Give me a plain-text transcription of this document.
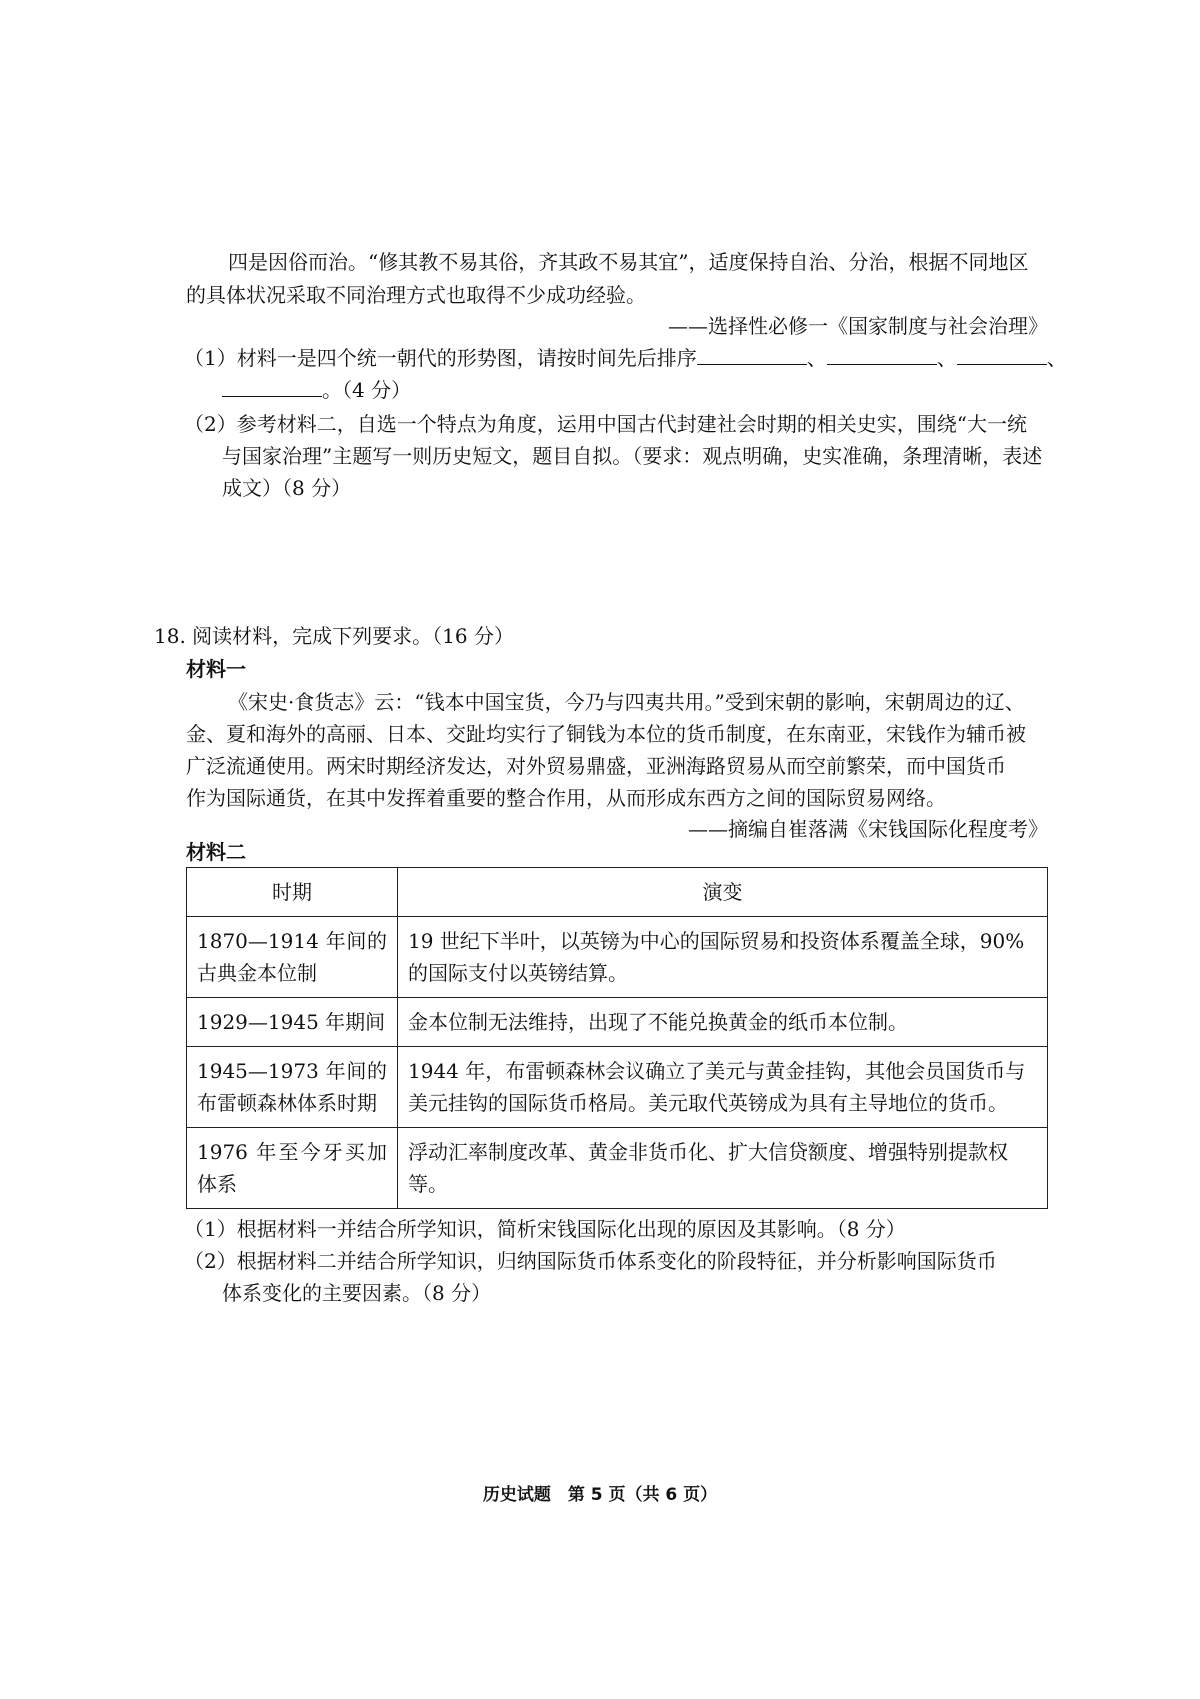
四是因俗而治。“修其教不易其俗，齐其政不易其宜”，适度保持自治、分治，根据不同地区
的具体状况采取不同治理方式也取得不少成功经验。
——选择性必修一《国家制度与社会治理》
（1）材料一是四个统一朝代的形势图，请按时间先后排序	、	、	、
。（4 分）
（2）参考材料二，自选一个特点为角度，运用中国古代封建社会时期的相关史实，围绕“大一统
与国家治理”主题写一则历史短文，题目自拟。（要求：观点明确，史实准确，条理清晰，表述
成文）（8 分）
18. 阅读材料，完成下列要求。（16 分）
材料一
《宋史·食货志》云：“钱本中国宝货，今乃与四夷共用。”受到宋朝的影响，宋朝周边的辽、
金、夏和海外的高丽、日本、交趾均实行了铜钱为本位的货币制度，在东南亚，宋钱作为辅币被
广泛流通使用。两宋时期经济发达，对外贸易鼎盛，亚洲海路贸易从而空前繁荣，而中国货币
作为国际通货，在其中发挥着重要的整合作用，从而形成东西方之间的国际贸易网络。
——摘编自崔落满《宋钱国际化程度考》
材料二
时期	演变
1870—1914 年间的古典金本位制	19 世纪下半叶，以英镑为中心的国际贸易和投资体系覆盖全球，90%的国际支付以英镑结算。
1929—1945 年期间	金本位制无法维持，出现了不能兑换黄金的纸币本位制。
1945—1973 年间的布雷顿森林体系时期	1944 年，布雷顿森林会议确立了美元与黄金挂钩，其他会员国货币与美元挂钩的国际货币格局。美元取代英镑成为具有主导地位的货币。
1976 年至今牙买加体系	浮动汇率制度改革、黄金非货币化、扩大信贷额度、增强特别提款权等。
（1）根据材料一并结合所学知识，简析宋钱国际化出现的原因及其影响。（8 分）
（2）根据材料二并结合所学知识，归纳国际货币体系变化的阶段特征，并分析影响国际货币
体系变化的主要因素。（8 分）
历史试题　第 5 页（共 6 页）
